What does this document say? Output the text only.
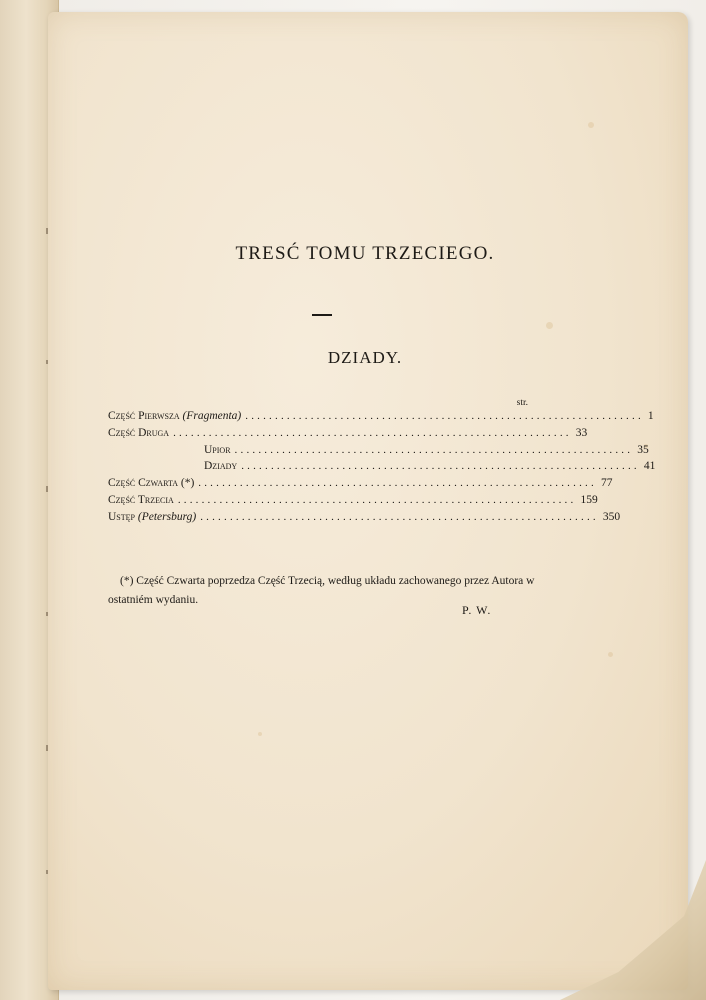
TRESĆ TOMU TRZECIEGO.
DZIADY.
str.
Część Pierwsza (Fragmenta) ................................................................... 1
Część Druga ................................................................... 33
Upior ................................................................... 35
Dziady ................................................................... 41
Część Czwarta (*) ................................................................... 77
Część Trzecia ................................................................... 159
Ustęp (Petersburg) ................................................................... 350
(*) Część Czwarta poprzedza Część Trzecią, według układu zachowanego przez Autora w ostatniém wydaniu.
P. W.
